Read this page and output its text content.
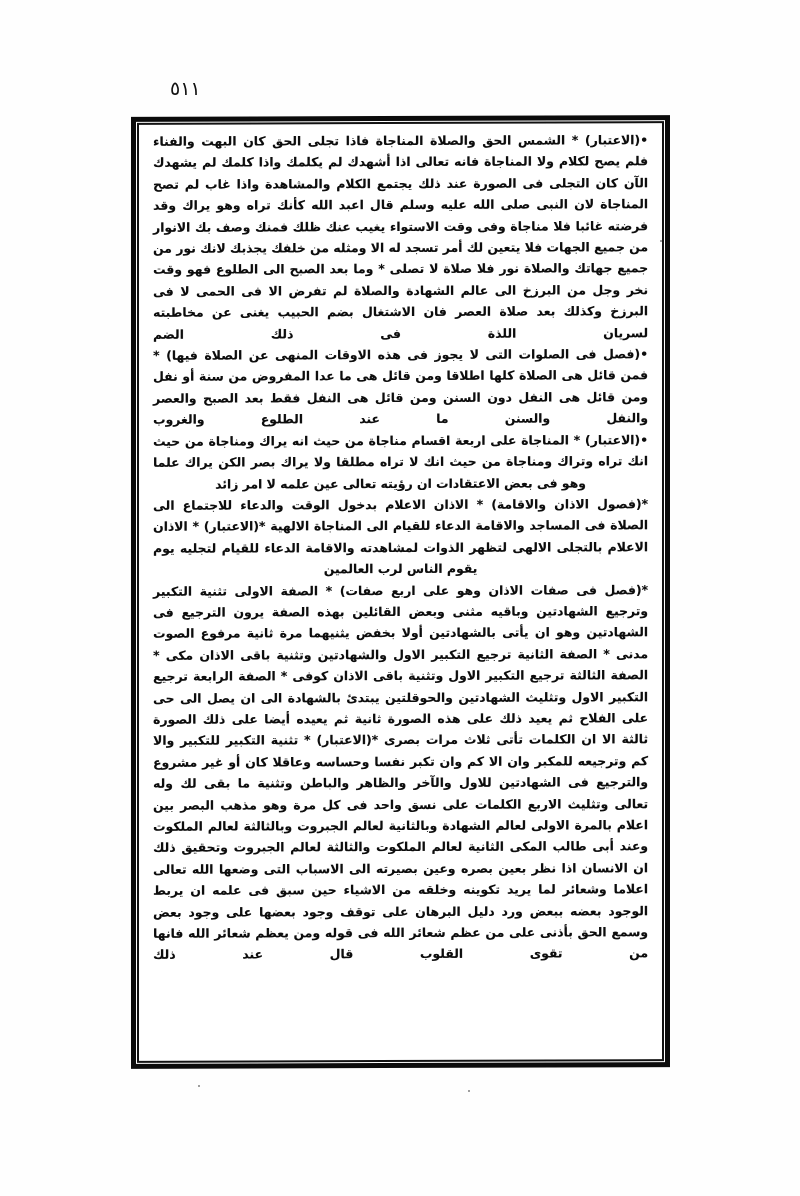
٥١١

•(الاعتبار) * الشمس الحق والصلاة المناجاة فاذا تجلى الحق كان البهت والفناء فلم يصح لكلام ولا المناجاة فانه تعالى اذا أشهدك لم يكلمك واذا كلمك لم يشهدك الآن كان التجلى فى الصورة عند ذلك يجتمع الكلام والمشاهدة واذا غاب لم تصح المناجاة لان النبى صلى الله عليه وسلم قال اعبد الله كأنك تراه وهو يراك وقد فرضته غائبا فلا مناجاة وفى وقت الاستواء يغيب عنك ظلك فمنك وصف بك الانوار من جميع الجهات فلا يتعين لك أمر تسجد له الا ومثله من خلفك يجذبك لانك نور من جميع جهاتك والصلاة نور فلا صلاة لا تصلى * وما بعد الصبح الى الطلوع فهو وقت نخر وجل من البرزخ الى عالم الشهادة والصلاة لم تفرض الا فى الحمى لا فى البرزخ وكذلك بعد صلاة العصر فان الاشتغال بضم الحبيب يغنى عن مخاطبته لسريان اللذة فى ذلك الضم

•(فصل فى الصلوات التى لا يجوز فى هذه الاوقات المنهى عن الصلاة فيها) * فمن قائل هى الصلاة كلها اطلاقا ومن قائل هى ما عدا المفروض من سنة أو نفل ومن قائل هى النفل دون السنن ومن قائل هى النفل فقط بعد الصبح والعصر والنفل والسنن ما عند الطلوع والغروب

•(الاعتبار) * المناجاة على اربعة اقسام مناجاة من حيث انه يراك ومناجاة من حيث انك تراه وتراك ومناجاة من حيث انك لا تراه مطلقا ولا يراك بصر الكن يراك علما وهو فى بعض الاعتقادات ان رؤيته تعالى عين علمه لا امر زائد

*(فصول الاذان والاقامة) * الاذان الاعلام بدخول الوقت والدعاء للاجتماع الى الصلاة فى المساجد والاقامة الدعاء للقيام الى المناجاة الالهية *(الاعتبار) * الاذان الاعلام بالتجلى الالهى لتظهر الذوات لمشاهدته والاقامة الدعاء للقيام لتجليه يوم يقوم الناس لرب العالمين

*(فصل فى صفات الاذان وهو على اربع صفات) * الصفة الاولى تثنية التكبير وترجيع الشهادتين وباقيه مثنى وبعض القائلين بهذه الصفة يرون الترجيع فى الشهادتين وهو ان يأتى بالشهادتين أولا بخفض يثنيهما مرة ثانية مرفوع الصوت مدنى * الصفة الثانية ترجيع التكبير الاول والشهادتين وتثنية باقى الاذان مكى * الصفة الثالثة ترجيع التكبير الاول وتثنية باقى الاذان كوفى * الصفة الرابعة ترجيع التكبير الاول وتثليث الشهادتين والحوقلتين يبتدئ بالشهادة الى ان يصل الى حى على الفلاح ثم يعيد ذلك على هذه الصورة ثانية ثم يعيده أيضا على ذلك الصورة ثالثة الا ان الكلمات تأتى ثلاث مرات بصرى *(الاعتبار) * تثنية التكبير للتكبير والا كم وترجيعه للمكبر وان الا كم وان تكبر نفسا وحساسه وعاقلا كان أو غير مشروع والترجيع فى الشهادتين للاول والآخر والظاهر والباطن وتثنية ما بقى لك وله تعالى وتثليث الاربع الكلمات على نسق واحد فى كل مرة وهو مذهب البصر بين اعلام بالمرة الاولى لعالم الشهادة وبالثانية لعالم الجبروت وبالثالثة لعالم الملكوت وعند أبى طالب المكى الثانية لعالم الملكوت والثالثة لعالم الجبروت وتحقيق ذلك ان الانسان اذا نظر بعين بصره وعين بصيرته الى الاسباب التى وضعها الله تعالى اعلاما وشعائر لما يريد تكوينه وخلقه من الاشياء حين سبق فى علمه ان يربط الوجود بعضه ببعض ورد دليل البرهان على توقف وجود بعضها على وجود بعض وسمع الحق بأذنى على من عظم شعائر الله فى قوله ومن يعظم شعائر الله فانها من تقوى القلوب قال عند ذلك
